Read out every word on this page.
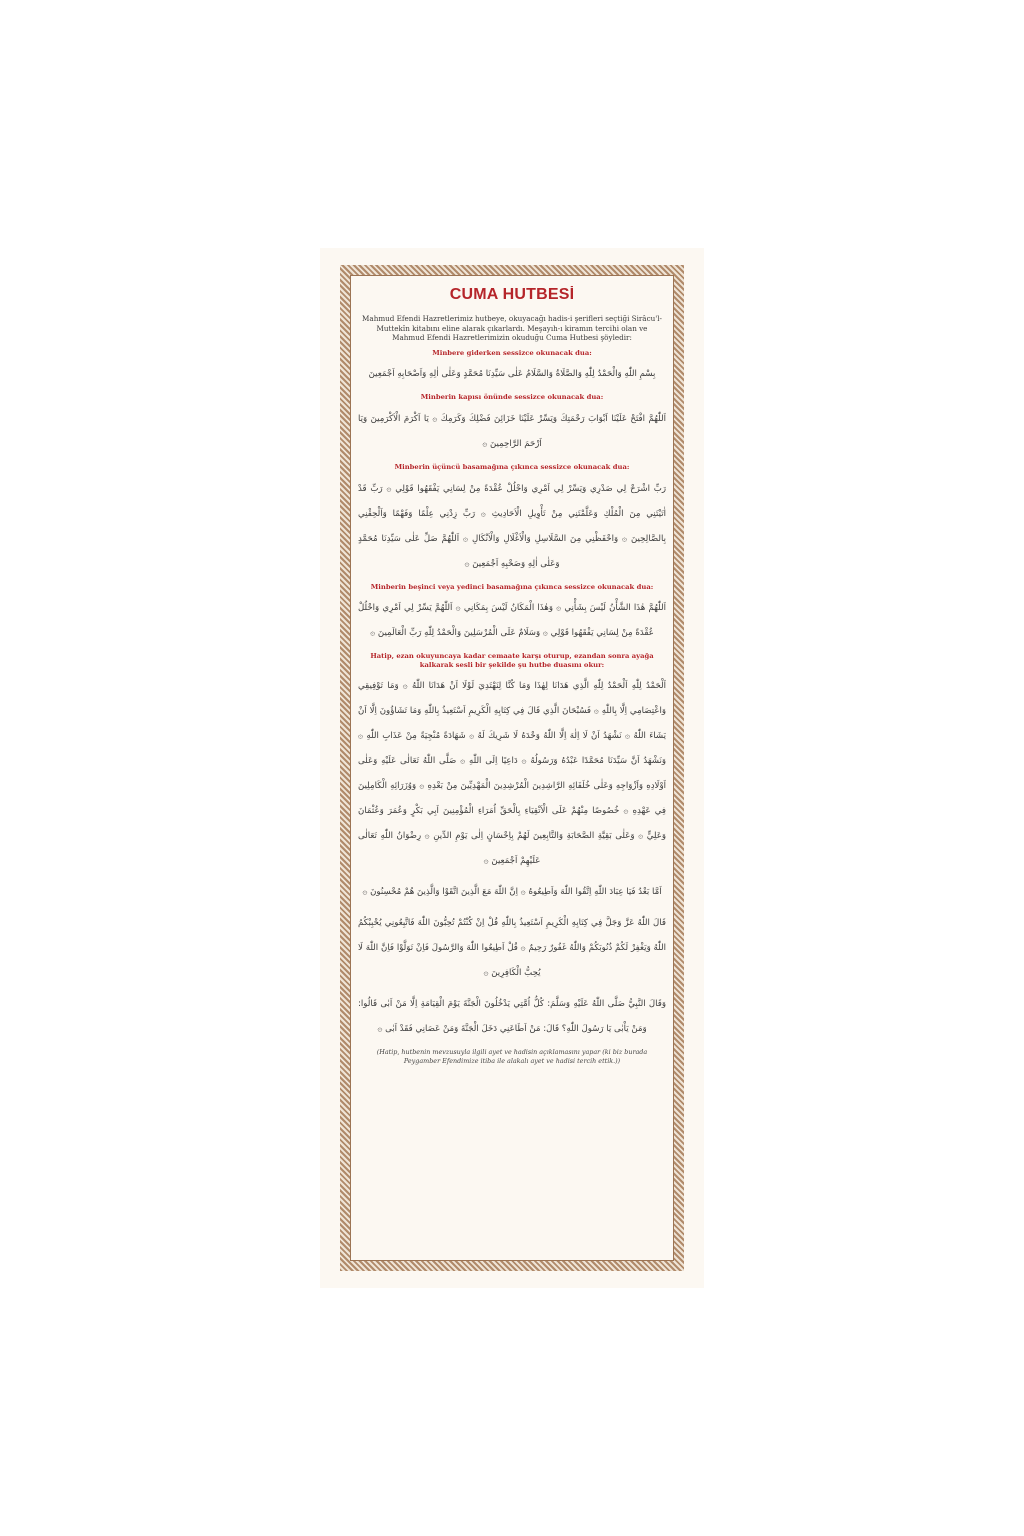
CUMA HUTBESİ
Mahmud Efendi Hazretlerimiz hutbeye, okuyacağı hadis-i şerifleri seçtiği Sirâcu'l-Muttekîn kitabını eline alarak çıkarlardı. Meşayıh-ı kiramın tercihi olan ve Mahmud Efendi Hazretlerimizin okuduğu Cuma Hutbesi şöyledir:
Minbere giderken sessizce okunacak dua:

بِسْمِ اللّٰهِ وَالْحَمْدُ لِلّٰهِ وَالصَّلَاةُ وَالسَّلَامُ عَلٰى سَيِّدِنَا مُحَمَّدٍ وَعَلٰى اٰلِهِ وَاَصْحَابِهِ اَجْمَعِينَ

Minberin kapısı önünde sessizce okunacak dua:

اَللّٰهُمَّ افْتَحْ عَلَيْنَا اَبْوَابَ رَحْمَتِكَ وَيَسِّرْ عَلَيْنَا خَزَائِنَ فَضْلِكَ وَكَرَمِكَ ۞ يَا اَكْرَمَ الْاَكْرَمِينَ وَيَا اَرْحَمَ الرَّاحِمِينَ ۞

Minberin üçüncü basamağına çıkınca sessizce okunacak dua:

رَبِّ اشْرَحْ لِي صَدْرِي وَيَسِّرْ لِي اَمْرِي وَاحْلُلْ عُقْدَةً مِنْ لِسَانِي يَفْقَهُوا قَوْلِي ۞ رَبِّ قَدْ اٰتَيْتَنِي مِنَ الْمُلْكِ وَعَلَّمْتَنِي مِنْ تَأْوِيلِ الْاَحَادِيثِ ۞ رَبِّ زِدْنِي عِلْمًا وَفَهْمًا وَاَلْحِقْنِي بِالصَّالِحِينَ ۞ وَاحْفَظْنِي مِنَ السَّلَاسِلِ وَالْاَغْلَالِ وَالْاَنْكَالِ ۞ اَللّٰهُمَّ صَلِّ عَلٰى سَيِّدِنَا مُحَمَّدٍ وَعَلٰى اٰلِهِ وَصَحْبِهِ اَجْمَعِينَ ۞

Minberin beşinci veya yedinci basamağına çıkınca sessizce okunacak dua:

اَللّٰهُمَّ هٰذَا الشَّأْنُ لَيْسَ بِشَأْنِي ۞ وَهٰذَا الْمَكَانُ لَيْسَ بِمَكَانِي ۞ اَللّٰهُمَّ يَسِّرْ لِي اَمْرِي وَاحْلُلْ عُقْدَةً مِنْ لِسَانِي يَفْقَهُوا قَوْلِي ۞ وَسَلَامٌ عَلَى الْمُرْسَلِينَ وَالْحَمْدُ لِلّٰهِ رَبِّ الْعَالَمِينَ ۞

Hatip, ezan okuyuncaya kadar cemaate karşı oturup, ezandan sonra ayağa kalkarak sesli bir şekilde şu hutbe duasını okur:

اَلْحَمْدُ لِلّٰهِ اَلْحَمْدُ لِلّٰهِ الَّذِي هَدَانَا لِهٰذَا وَمَا كُنَّا لِنَهْتَدِيَ لَوْلَا اَنْ هَدَانَا اللّٰهُ ۞ وَمَا تَوْفِيقِي وَاعْتِصَامِي اِلَّا بِاللّٰهِ ۞ فَسُبْحَانَ الَّذِي قَالَ فِي كِتَابِهِ الْكَرِيمِ اَسْتَعِيذُ بِاللّٰهِ وَمَا تَشَاؤُونَ اِلَّا اَنْ يَشَاءَ اللّٰهُ ۞ نَشْهَدُ اَنْ لَا اِلٰهَ اِلَّا اللّٰهُ وَحْدَهُ لَا شَرِيكَ لَهُ ۞ شَهَادَةً مُنْجِيَةً مِنْ عَذَابِ اللّٰهِ ۞ وَنَشْهَدُ اَنَّ سَيِّدَنَا مُحَمَّدًا عَبْدُهُ وَرَسُولُهُ ۞ دَاعِيًا اِلَى اللّٰهِ ۞ صَلَّى اللّٰهُ تَعَالٰى عَلَيْهِ وَعَلٰى اَوْلَادِهِ وَاَزْوَاجِهِ وَعَلٰى خُلَفَائِهِ الرَّاشِدِينَ الْمُرْشِدِينَ الْمَهْدِيِّينَ مِنْ بَعْدِهِ ۞ وَوُزَرَائِهِ الْكَامِلِينَ فِي عَهْدِهِ ۞ خُصُوصًا مِنْهُمْ عَلَى الْاَتْقِيَاءِ بِالْحَقِّ اُمَرَاءِ الْمُؤْمِنِينَ اَبِي بَكْرٍ وَعُمَرَ وَعُثْمَانَ وَعَلِيٍّ ۞ وَعَلٰى بَقِيَّةِ الصَّحَابَةِ وَالتَّابِعِينَ لَهُمْ بِاِحْسَانٍ اِلٰى يَوْمِ الدِّينِ ۞ رِضْوَانُ اللّٰهِ تَعَالٰى عَلَيْهِمْ اَجْمَعِينَ ۞

اَمَّا بَعْدُ فَيَا عِبَادَ اللّٰهِ اِتَّقُوا اللّٰهَ وَاَطِيعُوهُ ۞ اِنَّ اللّٰهَ مَعَ الَّذِينَ اتَّقَوْا وَالَّذِينَ هُمْ مُحْسِنُونَ ۞

قَالَ اللّٰهُ عَزَّ وَجَلَّ فِي كِتَابِهِ الْكَرِيمِ اَسْتَعِيذُ بِاللّٰهِ قُلْ اِنْ كُنْتُمْ تُحِبُّونَ اللّٰهَ فَاتَّبِعُونِي يُحْبِبْكُمُ اللّٰهُ وَيَغْفِرْ لَكُمْ ذُنُوبَكُمْ وَاللّٰهُ غَفُورٌ رَحِيمٌ ۞ قُلْ اَطِيعُوا اللّٰهَ وَالرَّسُولَ فَاِنْ تَوَلَّوْا فَاِنَّ اللّٰهَ لَا يُحِبُّ الْكَافِرِينَ ۞

وَقَالَ النَّبِيُّ صَلَّى اللّٰهُ عَلَيْهِ وَسَلَّمَ: كُلُّ اُمَّتِي يَدْخُلُونَ الْجَنَّةَ يَوْمَ الْقِيَامَةِ اِلَّا مَنْ اَبٰى قَالُوا: وَمَنْ يَاْبٰى يَا رَسُولَ اللّٰهِ؟ قَالَ: مَنْ اَطَاعَنِي دَخَلَ الْجَنَّةَ وَمَنْ عَصَانِي فَقَدْ اَبٰى ۞

(Hatip, hutbenin mevzusuyla ilgili ayet ve hadisin açıklamasını yapar (ki biz burada Peygamber Efendimize itiba ile alakalı ayet ve hadisi tercih ettik.))
